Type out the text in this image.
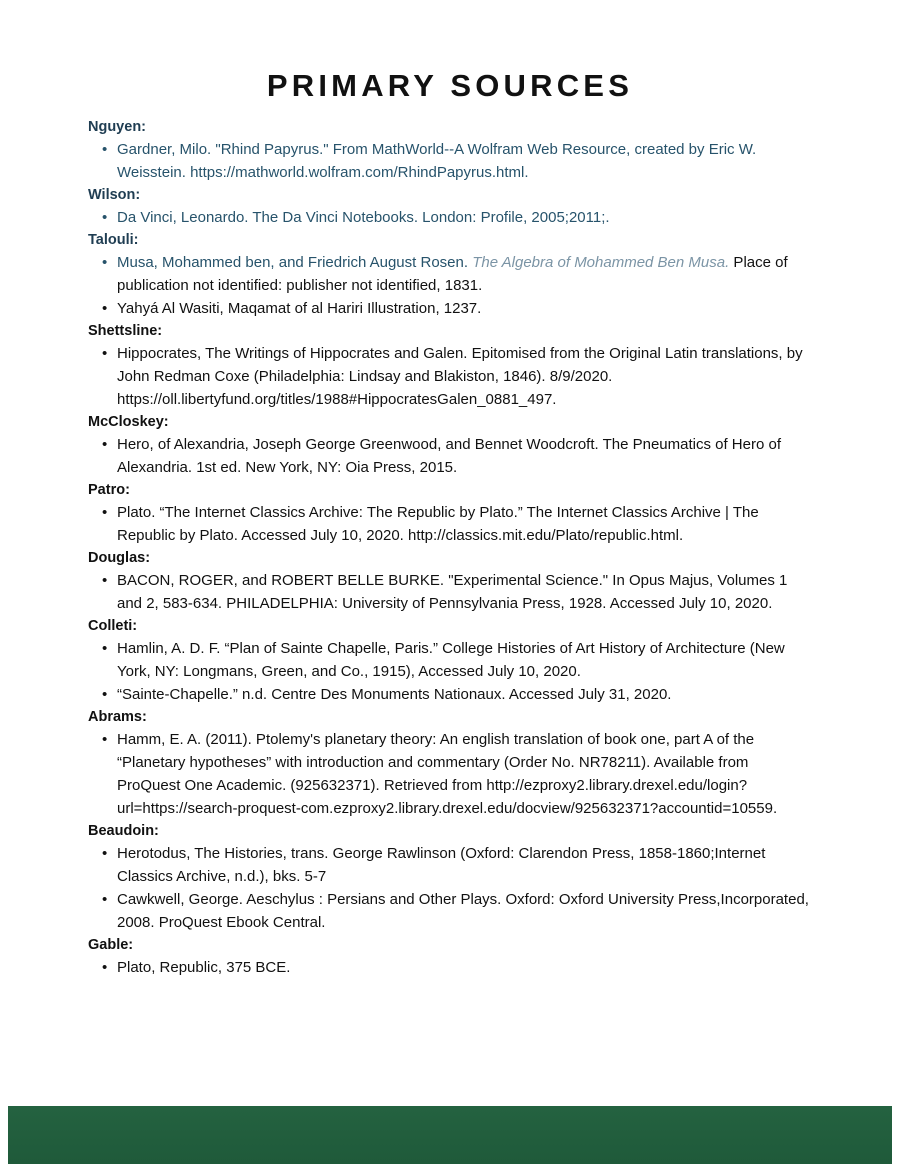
PRIMARY SOURCES
Nguyen:
• Gardner, Milo. "Rhind Papyrus." From MathWorld--A Wolfram Web Resource, created by Eric W. Weisstein. https://mathworld.wolfram.com/RhindPapyrus.html.
Wilson:
• Da Vinci, Leonardo. The Da Vinci Notebooks. London: Profile, 2005;2011;.
Talouli:
• Musa, Mohammed ben, and Friedrich August Rosen. The Algebra of Mohammed Ben Musa. Place of publication not identified: publisher not identified, 1831.
• Yahyá Al Wasiti, Maqamat of al Hariri Illustration, 1237.
Shettsline:
• Hippocrates, The Writings of Hippocrates and Galen. Epitomised from the Original Latin translations, by John Redman Coxe (Philadelphia: Lindsay and Blakiston, 1846). 8/9/2020. https://oll.libertyfund.org/titles/1988#HippocratesGalen_0881_497.
McCloskey:
• Hero, of Alexandria, Joseph George Greenwood, and Bennet Woodcroft. The Pneumatics of Hero of Alexandria. 1st ed. New York, NY: Oia Press, 2015.
Patro:
• Plato. “The Internet Classics Archive: The Republic by Plato.” The Internet Classics Archive | The Republic by Plato. Accessed July 10, 2020. http://classics.mit.edu/Plato/republic.html.
Douglas:
• BACON, ROGER, and ROBERT BELLE BURKE. "Experimental Science." In Opus Majus, Volumes 1 and 2, 583-634. PHILADELPHIA: University of Pennsylvania Press, 1928. Accessed July 10, 2020.
Colleti:
• Hamlin, A. D. F. “Plan of Sainte Chapelle, Paris.” College Histories of Art History of Architecture (New York, NY: Longmans, Green, and Co., 1915), Accessed July 10, 2020.
• “Sainte-Chapelle.” n.d. Centre Des Monuments Nationaux. Accessed July 31, 2020.
Abrams:
• Hamm, E. A. (2011). Ptolemy's planetary theory: An english translation of book one, part A of the “Planetary hypotheses” with introduction and commentary (Order No. NR78211). Available from ProQuest One Academic. (925632371). Retrieved from http://ezproxy2.library.drexel.edu/login?url=https://search-proquest-com.ezproxy2.library.drexel.edu/docview/925632371?accountid=10559.
Beaudoin:
• Herotodus, The Histories, trans. George Rawlinson (Oxford: Clarendon Press, 1858-1860;Internet Classics Archive, n.d.), bks. 5-7
• Cawkwell, George. Aeschylus : Persians and Other Plays. Oxford: Oxford University Press,Incorporated, 2008. ProQuest Ebook Central.
Gable:
• Plato, Republic, 375 BCE.
